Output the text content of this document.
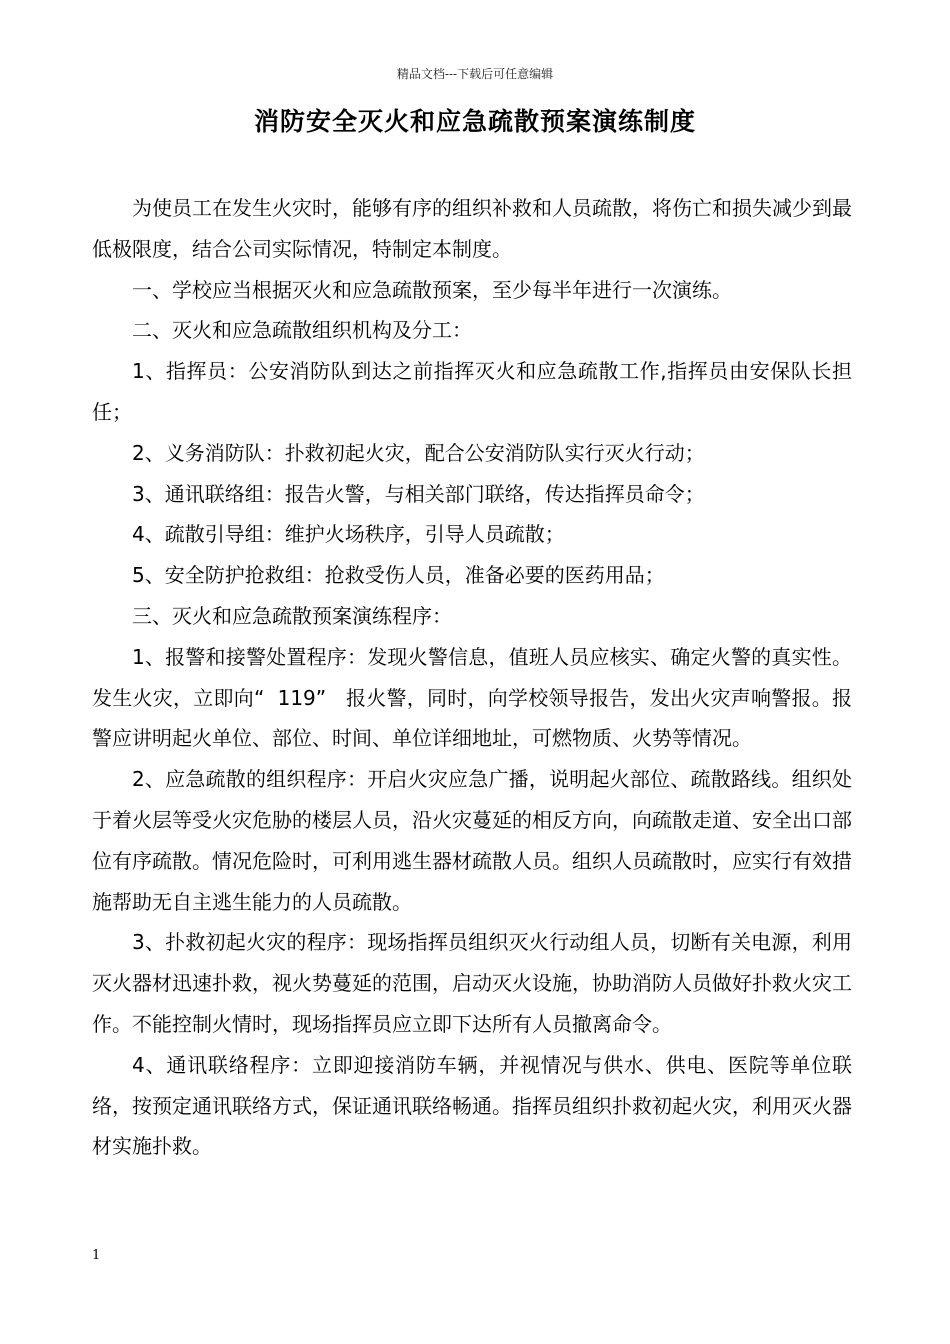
精品文档---下载后可任意编辑
消防安全灭火和应急疏散预案演练制度

为使员工在发生火灾时，能够有序的组织补救和人员疏散，将伤亡和损失减少到最低极限度，结合公司实际情况，特制定本制度。

一、学校应当根据灭火和应急疏散预案，至少每半年进行一次演练。

二、灭火和应急疏散组织机构及分工：

1、指挥员：公安消防队到达之前指挥灭火和应急疏散工作,指挥员由安保队长担任；

2、义务消防队：扑救初起火灾，配合公安消防队实行灭火行动；

3、通讯联络组：报告火警，与相关部门联络，传达指挥员命令；

4、疏散引导组：维护火场秩序，引导人员疏散；

5、安全防护抢救组：抢救受伤人员，准备必要的医药用品；

三、灭火和应急疏散预案演练程序：

1、报警和接警处置程序：发现火警信息，值班人员应核实、确定火警的真实性。发生火灾，立即向“  119”   报火警，同时，向学校领导报告，发出火灾声响警报。报警应讲明起火单位、部位、时间、单位详细地址，可燃物质、火势等情况。

2、应急疏散的组织程序：开启火灾应急广播，说明起火部位、疏散路线。组织处于着火层等受火灾危胁的楼层人员，沿火灾蔓延的相反方向，向疏散走道、安全出口部位有序疏散。情况危险时，可利用逃生器材疏散人员。组织人员疏散时，应实行有效措施帮助无自主逃生能力的人员疏散。

3、扑救初起火灾的程序：现场指挥员组织灭火行动组人员，切断有关电源，利用灭火器材迅速扑救，视火势蔓延的范围，启动灭火设施，协助消防人员做好扑救火灾工作。不能控制火情时，现场指挥员应立即下达所有人员撤离命令。

4、通讯联络程序：立即迎接消防车辆，并视情况与供水、供电、医院等单位联络，按预定通讯联络方式，保证通讯联络畅通。指挥员组织扑救初起火灾，利用灭火器材实施扑救。

1
